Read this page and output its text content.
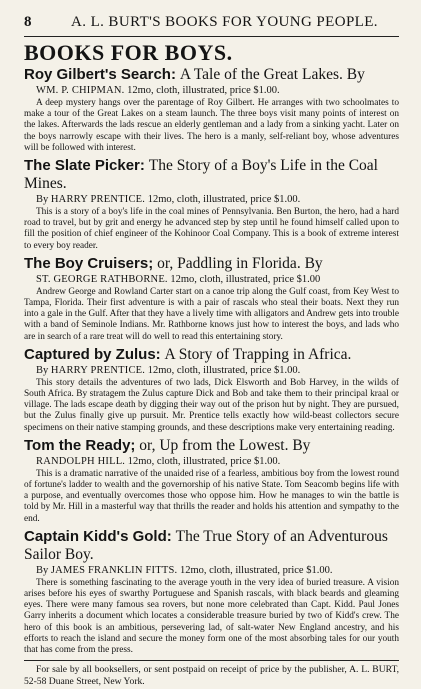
8	A. L. BURT'S BOOKS FOR YOUNG PEOPLE.
BOOKS FOR BOYS.
Roy Gilbert's Search: A Tale of the Great Lakes. By
WM. P. CHIPMAN. 12mo, cloth, illustrated, price $1.00.

A deep mystery hangs over the parentage of Roy Gilbert. He arranges with two schoolmates to make a tour of the Great Lakes on a steam launch. The three boys visit many points of interest on the lakes. Afterwards the lads rescue an elderly gentleman and a lady from a sinking yacht. Later on the boys narrowly escape with their lives. The hero is a manly, self-reliant boy, whose adventures will be followed with interest.

The Slate Picker: The Story of a Boy's Life in the Coal Mines.
By HARRY PRENTICE. 12mo, cloth, illustrated, price $1.00.

This is a story of a boy's life in the coal mines of Pennsylvania. Ben Burton, the hero, had a hard road to travel, but by grit and energy he advanced step by step until he found himself called upon to fill the position of chief engineer of the Kohinoor Coal Company. This is a book of extreme interest to every boy reader.

The Boy Cruisers; or, Paddling in Florida. By
ST. GEORGE RATHBORNE. 12mo, cloth, illustrated, price $1.00

Andrew George and Rowland Carter start on a canoe trip along the Gulf coast, from Key West to Tampa, Florida. Their first adventure is with a pair of rascals who steal their boats. Next they run into a gale in the Gulf. After that they have a lively time with alligators and Andrew gets into trouble with a band of Seminole Indians. Mr. Rathborne knows just how to interest the boys, and lads who are in search of a rare treat will do well to read this entertaining story.

Captured by Zulus: A Story of Trapping in Africa.
By HARRY PRENTICE. 12mo, cloth, illustrated, price $1.00.

This story details the adventures of two lads, Dick Elsworth and Bob Harvey, in the wilds of South Africa. By stratagem the Zulus capture Dick and Bob and take them to their principal kraal or village. The lads escape death by digging their way out of the prison hut by night. They are pursued, but the Zulus finally give up pursuit. Mr. Prentice tells exactly how wild-beast collectors secure specimens on their native stamping grounds, and these descriptions make very entertaining reading.

Tom the Ready; or, Up from the Lowest. By
RANDOLPH HILL. 12mo, cloth, illustrated, price $1.00.

This is a dramatic narrative of the unaided rise of a fearless, ambitious boy from the lowest round of fortune's ladder to wealth and the governorship of his native State. Tom Seacomb begins life with a purpose, and eventually overcomes those who oppose him. How he manages to win the battle is told by Mr. Hill in a masterful way that thrills the reader and holds his attention and sympathy to the end.

Captain Kidd's Gold: The True Story of an Adventurous Sailor Boy.
By JAMES FRANKLIN FITTS. 12mo, cloth, illustrated, price $1.00.

There is something fascinating to the average youth in the very idea of buried treasure. A vision arises before his eyes of swarthy Portuguese and Spanish rascals, with black beards and gleaming eyes. There were many famous sea rovers, but none more celebrated than Capt. Kidd. Paul Jones Garry inherits a document which locates a considerable treasure buried by two of Kidd's crew. The hero of this book is an ambitious, persevering lad, of salt-water New England ancestry, and his efforts to reach the island and secure the money form one of the most absorbing tales for our youth that has come from the press.

For sale by all booksellers, or sent postpaid on receipt of price by the publisher, A. L. BURT, 52-58 Duane Street, New York.
